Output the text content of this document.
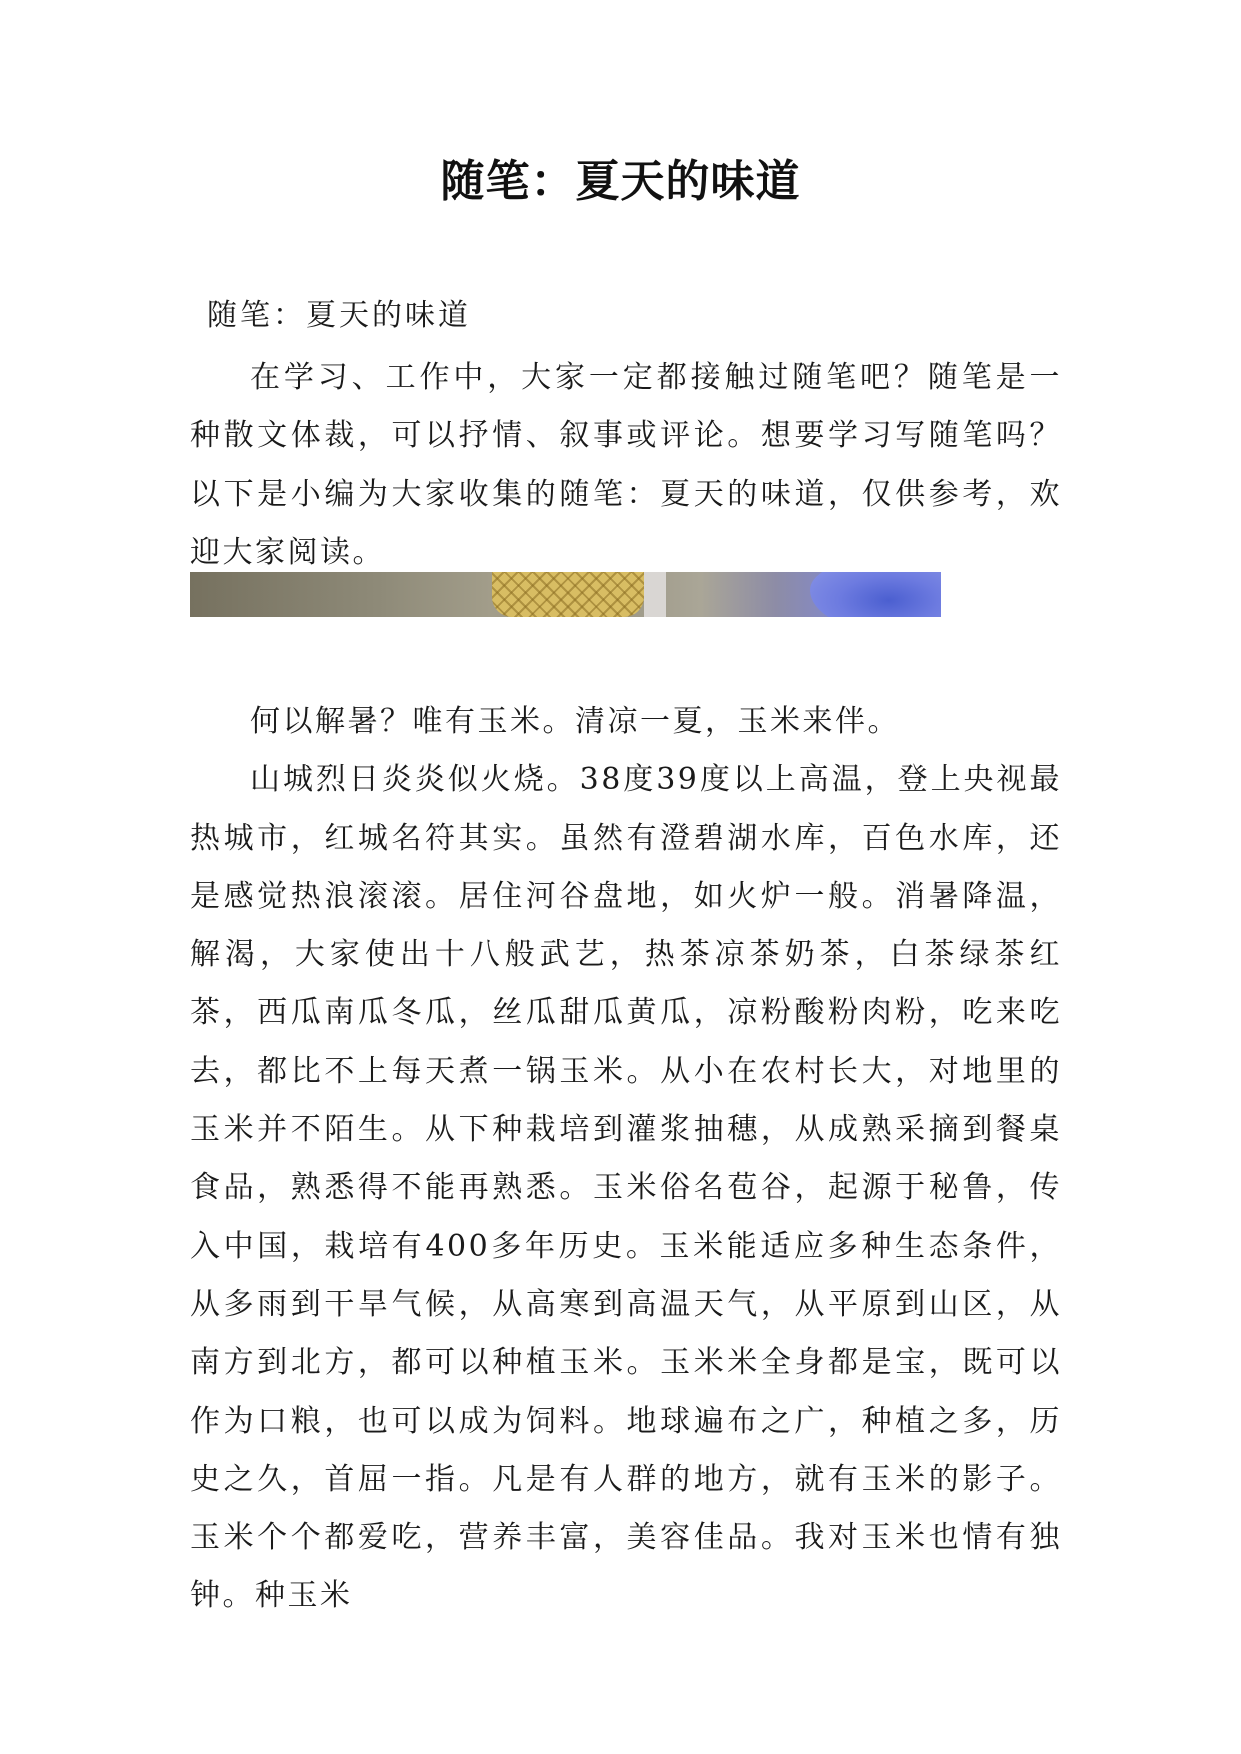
随笔：夏天的味道
随笔：夏天的味道

在学习、工作中，大家一定都接触过随笔吧？随笔是一种散文体裁，可以抒情、叙事或评论。想要学习写随笔吗？以下是小编为大家收集的随笔：夏天的味道，仅供参考，欢迎大家阅读。

何以解暑？唯有玉米。清凉一夏，玉米来伴。

山城烈日炎炎似火烧。38度39度以上高温，登上央视最热城市，红城名符其实。虽然有澄碧湖水库，百色水库，还是感觉热浪滚滚。居住河谷盘地，如火炉一般。消暑降温，解渴，大家使出十八般武艺，热茶凉茶奶茶，白茶绿茶红茶，西瓜南瓜冬瓜，丝瓜甜瓜黄瓜，凉粉酸粉肉粉，吃来吃去，都比不上每天煮一锅玉米。从小在农村长大，对地里的玉米并不陌生。从下种栽培到灌浆抽穗，从成熟采摘到餐桌食品，熟悉得不能再熟悉。玉米俗名苞谷，起源于秘鲁，传入中国，栽培有400多年历史。玉米能适应多种生态条件，从多雨到干旱气候，从高寒到高温天气，从平原到山区，从南方到北方，都可以种植玉米。玉米米全身都是宝，既可以作为口粮，也可以成为饲料。地球遍布之广，种植之多，历史之久，首屈一指。凡是有人群的地方，就有玉米的影子。玉米个个都爱吃，营养丰富，美容佳品。我对玉米也情有独钟。种玉米
